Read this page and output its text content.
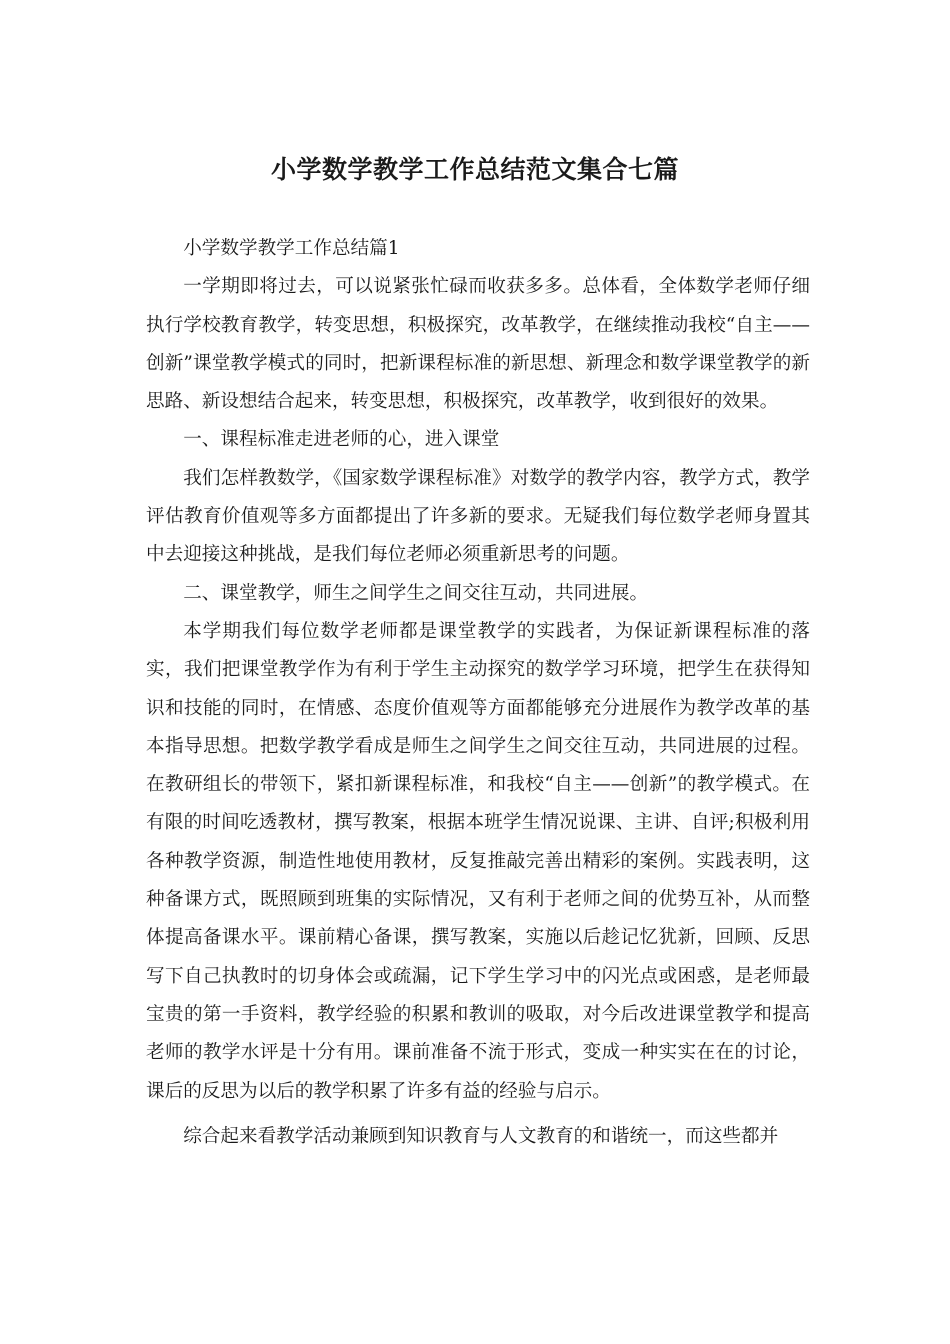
小学数学教学工作总结范文集合七篇

小学数学教学工作总结篇1

一学期即将过去，可以说紧张忙碌而收获多多。总体看，全体数学老师仔细执行学校教育教学，转变思想，积极探究，改革教学，在继续推动我校“自主——创新”课堂教学模式的同时，把新课程标准的新思想、新理念和数学课堂教学的新思路、新设想结合起来，转变思想，积极探究，改革教学，收到很好的效果。

一、课程标准走进老师的心，进入课堂

我们怎样教数学，《国家数学课程标准》对数学的教学内容，教学方式，教学评估教育价值观等多方面都提出了许多新的要求。无疑我们每位数学老师身置其中去迎接这种挑战，是我们每位老师必须重新思考的问题。

二、课堂教学，师生之间学生之间交往互动，共同进展。

本学期我们每位数学老师都是课堂教学的实践者，为保证新课程标准的落实，我们把课堂教学作为有利于学生主动探究的数学学习环境，把学生在获得知识和技能的同时，在情感、态度价值观等方面都能够充分进展作为教学改革的基本指导思想。把数学教学看成是师生之间学生之间交往互动，共同进展的过程。在教研组长的带领下，紧扣新课程标准，和我校“自主——创新”的教学模式。在有限的时间吃透教材，撰写教案，根据本班学生情况说课、主讲、自评;积极利用各种教学资源，制造性地使用教材，反复推敲完善出精彩的案例。实践表明，这种备课方式，既照顾到班集的实际情况，又有利于老师之间的优势互补，从而整体提高备课水平。课前精心备课，撰写教案，实施以后趁记忆犹新，回顾、反思写下自己执教时的切身体会或疏漏，记下学生学习中的闪光点或困惑，是老师最宝贵的第一手资料，教学经验的积累和教训的吸取，对今后改进课堂教学和提高老师的教学水评是十分有用。课前准备不流于形式，变成一种实实在在的讨论，课后的反思为以后的教学积累了许多有益的经验与启示。

综合起来看教学活动兼顾到知识教育与人文教育的和谐统一，而这些都并
